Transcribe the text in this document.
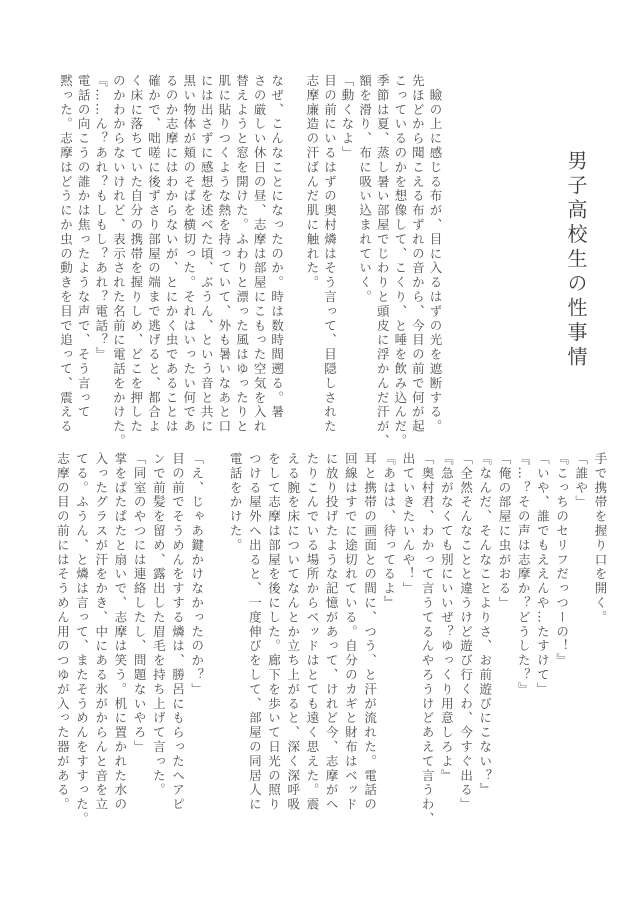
男子高校生の性事情
　瞼の上に感じる布が、目に入るはずの光を遮断する。
先ほどから聞こえる布ずれの音から、今目の前で何が起
こっているのかを想像して、こくり、と唾を飲み込んだ。
季節は夏、蒸し暑い部屋でじわりと頭皮に浮かんだ汗が、
額を滑り、布に吸い込まれていく。
「動くなよ」
目の前にいるはずの奥村燐はそう言って、目隠しされた
志摩廉造の汗ばんだ肌に触れた。

なぜ、こんなことになったのか。時は数時間遡る。暑
さの厳しい休日の昼、志摩は部屋にこもった空気を入れ
替えようと窓を開けた。ふわりと漂った風はゆったりと
肌に貼りつくような熱を持っていて、外も暑いなあと口
には出さずに感想を述べた頃、ぶうん、という音と共に
黒い物体が頬のそばを横切った。それはいったい何であ
るのか志摩にはわからないが、とにかく虫であることは
確かで、咄嗟に後ずさり部屋の端まで逃げると、都合よ
く床に落ちていた自分の携帯を握りしめ、どこを押した
のかわからないけれど、表示された名前に電話をかけた。
『……ん？あれ？もしもし？あれ？電話？』
電話の向こうの誰かは焦ったような声で、そう言って
黙った。志摩はどうにか虫の動きを目で追って、震える
手で携帯を握り口を開く。
「誰や」
『こっちのセリフだっつーの！』
「いや、誰でもええんや…たすけて」
『…？その声は志摩か？どうした？』
「俺の部屋に虫がおる」
『なんだ、そんなことよりさ、お前遊びにこない？』
「全然そんなことと違うけど遊び行くわ、今すぐ出る」
『急がなくても別にいいぜ？ゆっくり用意しろよ』
「奥村君、わかって言うてるんやろうけどあえて言うわ、
出ていきたいんや！」
『あはは、待ってるよ』
耳と携帯の画面との間に、つう、と汗が流れた。電話の
回線はすでに途切れている。自分のカギと財布はベッド
に放り投げたような記憶があって、けれど今、志摩がへ
たりこんでいる場所からベッドはとても遠く思えた。震
える腕を床についてなんとか立ち上がると、深く深呼吸
をして志摩は部屋を後にした。廊下を歩いて日光の照り
つける屋外へ出ると、一度伸びをして、部屋の同居人に
電話をかけた。

「え、じゃあ鍵かけなかったのか？」
目の前でそうめんをすする燐は、勝呂にもらったヘアピ
ンで前髪を留め、露出した眉毛を持ち上げて言った。
「同室のやつには連絡したし、問題ないやろ」
掌をぱたぱたと扇いで、志摩は笑う。机に置かれた水の
入ったグラスが汗をかき、中にある氷がからんと音を立
てる。ふうん、と燐は言って、またそうめんをすすった。
志摩の目の前にはそうめん用のつゆが入った器がある。
